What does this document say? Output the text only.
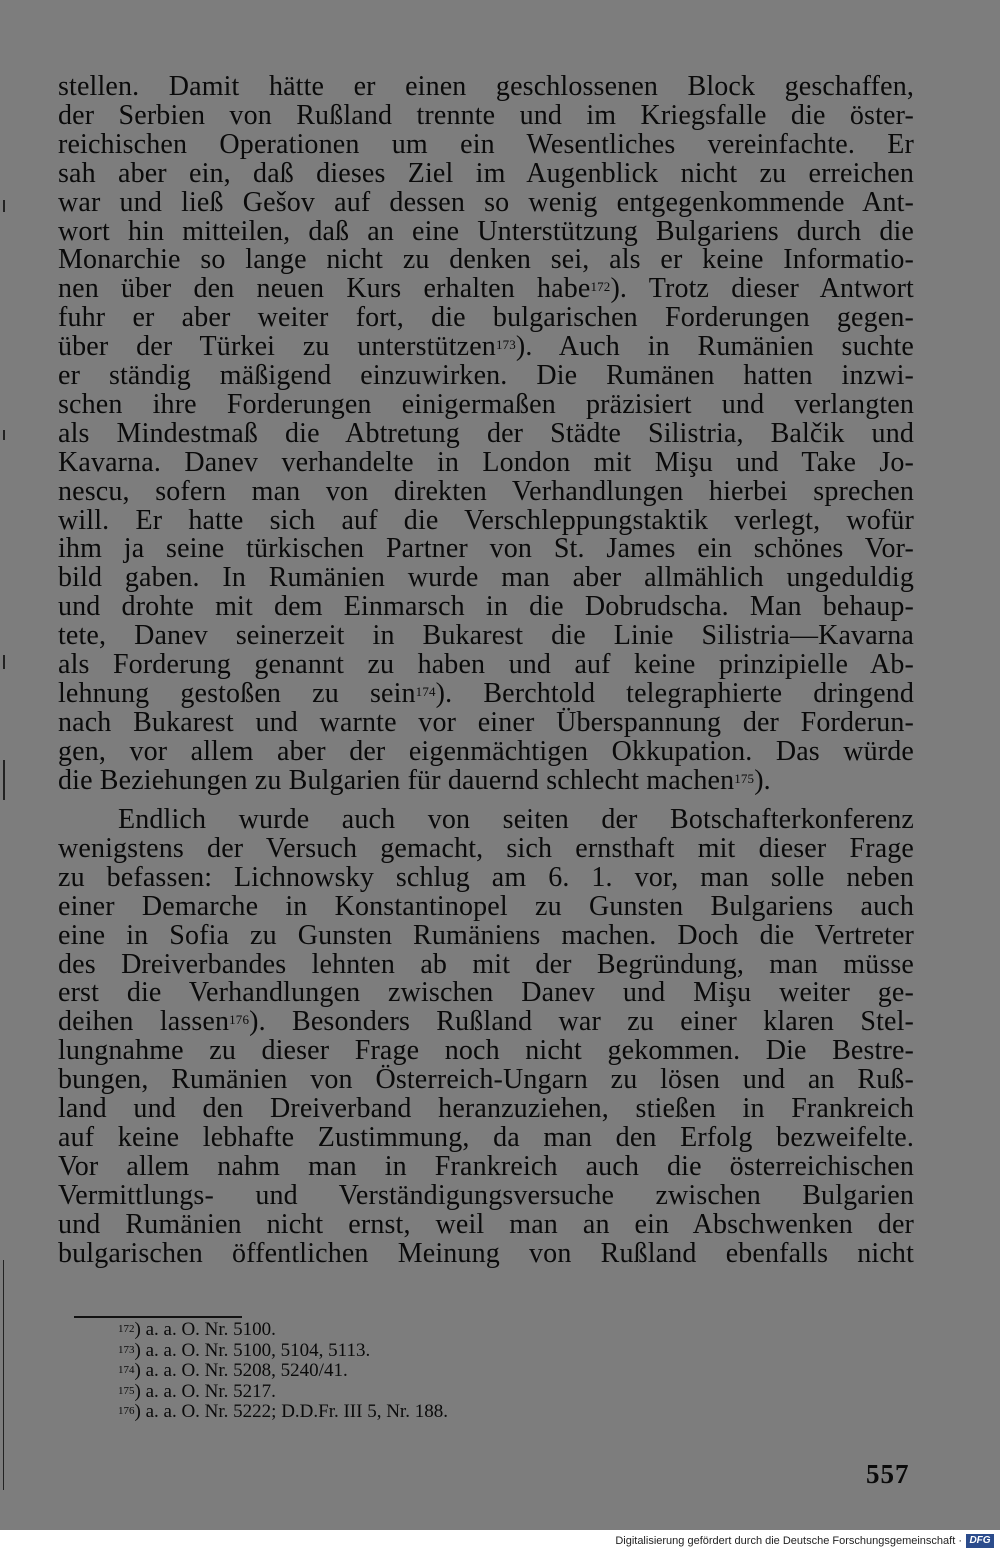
stellen. Damit hätte er einen geschlossenen Block geschaffen,
der Serbien von Rußland trennte und im Kriegsfalle die öster-
reichischen Operationen um ein Wesentliches vereinfachte. Er
sah aber ein, daß dieses Ziel im Augenblick nicht zu erreichen
war und ließ Gešov auf dessen so wenig entgegenkommende Ant-
wort hin mitteilen, daß an eine Unterstützung Bulgariens durch die
Monarchie so lange nicht zu denken sei, als er keine Informatio-
nen über den neuen Kurs erhalten habe$^{172}$). Trotz dieser Antwort
fuhr er aber weiter fort, die bulgarischen Forderungen gegen-
über der Türkei zu unterstützen$^{173}$). Auch in Rumänien suchte
er ständig mäßigend einzuwirken. Die Rumänen hatten inzwi-
schen ihre Forderungen einigermaßen präzisiert und verlangten
als Mindestmaß die Abtretung der Städte Silistria, Balčik und
Kavarna. Danev verhandelte in London mit Mişu und Take Jo-
nescu, sofern man von direkten Verhandlungen hierbei sprechen
will. Er hatte sich auf die Verschleppungstaktik verlegt, wofür
ihm ja seine türkischen Partner von St. James ein schönes Vor-
bild gaben. In Rumänien wurde man aber allmählich ungeduldig
und drohte mit dem Einmarsch in die Dobrudscha. Man behaup-
tete, Danev seinerzeit in Bukarest die Linie Silistria—Kavarna
als Forderung genannt zu haben und auf keine prinzipielle Ab-
lehnung gestoßen zu sein$^{174}$). Berchtold telegraphierte dringend
nach Bukarest und warnte vor einer Überspannung der Forderun-
gen, vor allem aber der eigenmächtigen Okkupation. Das würde
die Beziehungen zu Bulgarien für dauernd schlecht machen$^{175}$).
Endlich wurde auch von seiten der Botschafterkonferenz
wenigstens der Versuch gemacht, sich ernsthaft mit dieser Frage
zu befassen: Lichnowsky schlug am 6. 1. vor, man solle neben
einer Demarche in Konstantinopel zu Gunsten Bulgariens auch
eine in Sofia zu Gunsten Rumäniens machen. Doch die Vertreter
des Dreiverbandes lehnten ab mit der Begründung, man müsse
erst die Verhandlungen zwischen Danev und Mişu weiter ge-
deihen lassen$^{176}$). Besonders Rußland war zu einer klaren Stel-
lungnahme zu dieser Frage noch nicht gekommen. Die Bestre-
bungen, Rumänien von Österreich-Ungarn zu lösen und an Ruß-
land und den Dreiverband heranzuziehen, stießen in Frankreich
auf keine lebhafte Zustimmung, da man den Erfolg bezweifelte.
Vor allem nahm man in Frankreich auch die österreichischen
Vermittlungs- und Verständigungsversuche zwischen Bulgarien
und Rumänien nicht ernst, weil man an ein Abschwenken der
bulgarischen öffentlichen Meinung von Rußland ebenfalls nicht
$^{172}$) a. a. O. Nr. 5100.
$^{173}$) a. a. O. Nr. 5100, 5104, 5113.
$^{174}$) a. a. O. Nr. 5208, 5240/41.
$^{175}$) a. a. O. Nr. 5217.
$^{176}$) a. a. O. Nr. 5222; D.D.Fr. III 5, Nr. 188.
557
Digitalisierung gefördert durch die Deutsche Forschungsgemeinschaft · DFG
